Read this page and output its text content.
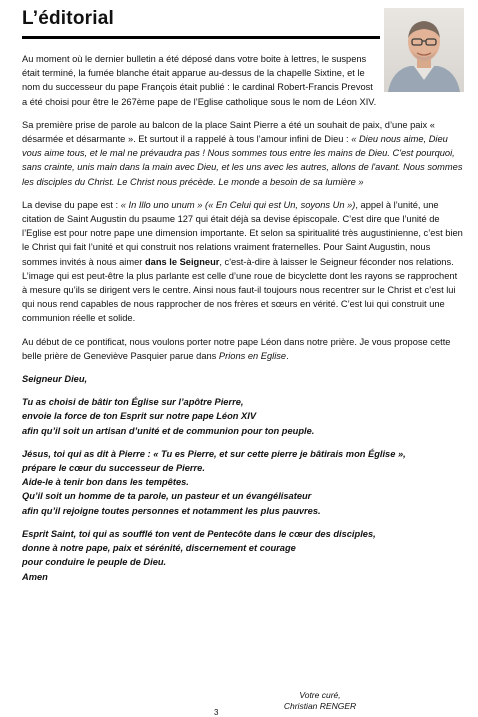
L’éditorial

Au moment où le dernier bulletin a été déposé dans votre boite à lettres, le suspens était terminé, la fumée blanche était apparue au-dessus de la chapelle Sixtine, et le nom du successeur du pape François était publié : le cardinal Robert-Francis Prevost a été choisi pour être le 267ème pape de l’Eglise catholique sous le nom de Léon XIV.

Sa première prise de parole au balcon de la place Saint Pierre a été un souhait de paix, d’une paix « désarmée et désarmante ». Et surtout il a rappelé à tous l’amour infini de Dieu : « Dieu nous aime, Dieu vous aime tous, et le mal ne prévaudra pas ! Nous sommes tous entre les mains de Dieu. C'est pourquoi, sans crainte, unis main dans la main avec Dieu, et les uns avec les autres, allons de l'avant. Nous sommes les disciples du Christ. Le Christ nous précède. Le monde a besoin de sa lumière »

La devise du pape est : « In Illo uno unum » (« En Celui qui est Un, soyons Un »), appel à l’unité, une citation de Saint Augustin du psaume 127 qui était déjà sa devise épiscopale. C’est dire que l’unité de l’Eglise est pour notre pape une dimension importante. Et selon sa spiritualité très augustinienne, c’est bien le Christ qui fait l’unité et qui construit nos relations vraiment fraternelles. Pour Saint Augustin, nous sommes invités à nous aimer dans le Seigneur, c'est-à-dire à laisser le Seigneur féconder nos relations. L’image qui est peut-être la plus parlante est celle d’une roue de bicyclette dont les rayons se rapprochent à mesure qu’ils se dirigent vers le centre. Ainsi nous faut-il toujours nous recentrer sur le Christ et c’est lui qui nous rend capables de nous rapprocher de nos frères et sœurs en vérité. C’est lui qui construit une communion réelle et solide.

Au début de ce pontificat, nous voulons porter notre pape Léon dans notre prière. Je vous propose cette belle prière de Geneviève Pasquier parue dans Prions en Eglise.

Seigneur Dieu,

Tu as choisi de bâtir ton Église sur l’apôtre Pierre,
envoie la force de ton Esprit sur notre pape Léon XIV
afin qu’il soit un artisan d’unité et de communion pour ton peuple.

Jésus, toi qui as dit à Pierre : « Tu es Pierre, et sur cette pierre je bâtirais mon Église »,
prépare le cœur du successeur de Pierre.
Aide-le à tenir bon dans les tempêtes.
Qu’il soit un homme de ta parole, un pasteur et un évangélisateur
afin qu’il rejoigne toutes personnes et notamment les plus pauvres.

Esprit Saint, toi qui as soufflé ton vent de Pentecôte dans le cœur des disciples,
donne à notre pape, paix et sérénité, discernement et courage
pour conduire le peuple de Dieu.
Amen

Votre curé,
Christian RENGER
3
